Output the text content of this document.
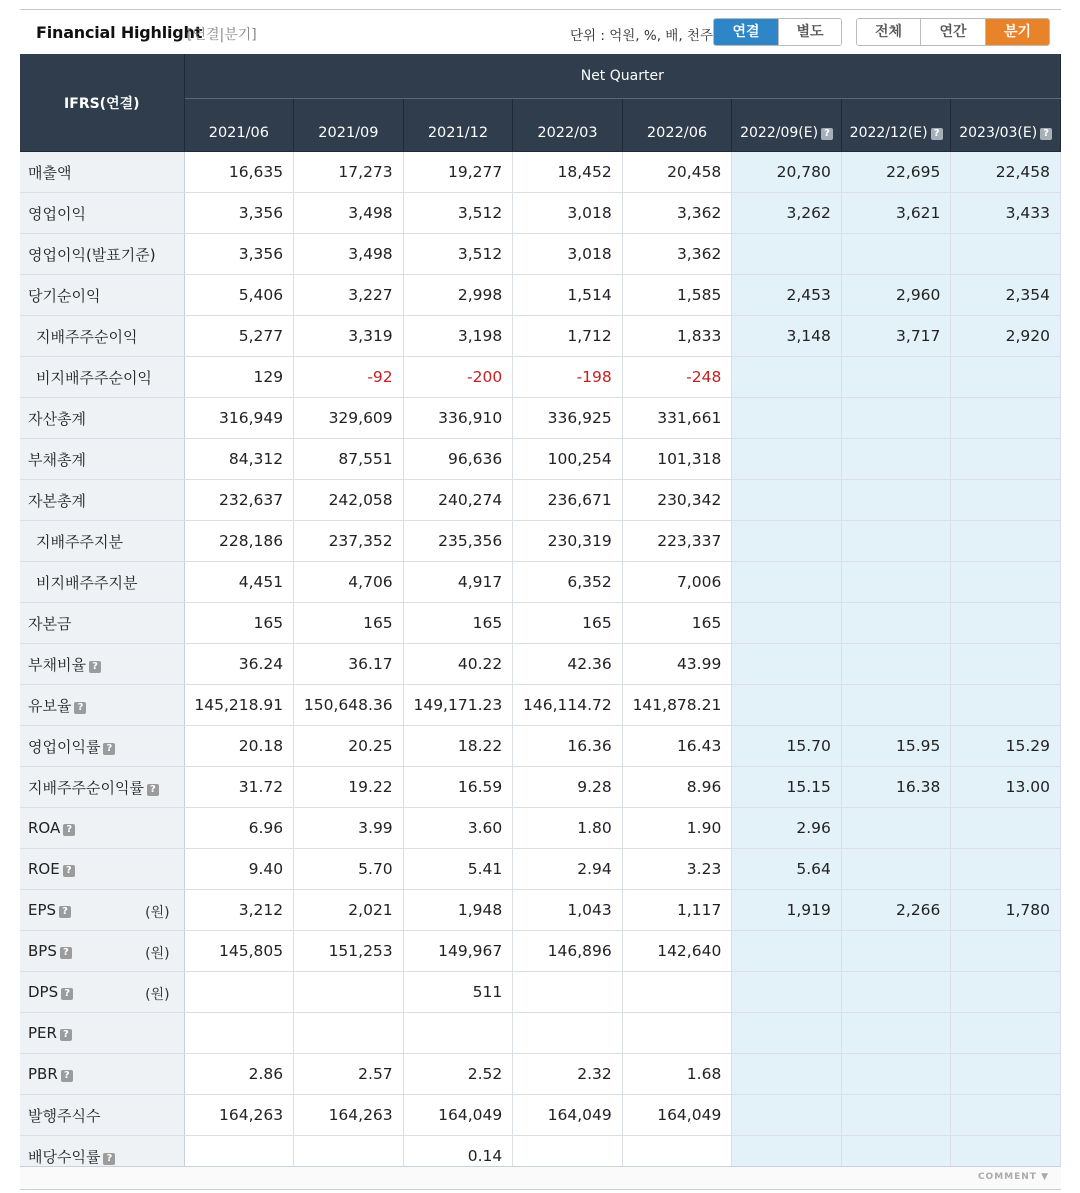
Financial Highlight
[연결|분기]	단위 : 억원, %, 배, 천주	연결	별도	전체	연간	분기
IFRS(연결)	Net Quarter							
	2021/06	2021/09	2021/12	2022/03	2022/06	2022/09(E) ?	2022/12(E) ?	2023/03(E) ?
매출액	16,635	17,273	19,277	18,452	20,458	20,780	22,695	22,458
영업이익	3,356	3,498	3,512	3,018	3,362	3,262	3,621	3,433
영업이익(발표기준)	3,356	3,498	3,512	3,018	3,362			
당기순이익	5,406	3,227	2,998	1,514	1,585	2,453	2,960	2,354
지배주주순이익	5,277	3,319	3,198	1,712	1,833	3,148	3,717	2,920
비지배주주순이익	129	-92	-200	-198	-248			
자산총계	316,949	329,609	336,910	336,925	331,661			
부채총계	84,312	87,551	96,636	100,254	101,318			
자본총계	232,637	242,058	240,274	236,671	230,342			
지배주주지분	228,186	237,352	235,356	230,319	223,337			
비지배주주지분	4,451	4,706	4,917	6,352	7,006			
자본금	165	165	165	165	165			
부채비율 ?	36.24	36.17	40.22	42.36	43.99			
유보율 ?	145,218.91	150,648.36	149,171.23	146,114.72	141,878.21			
영업이익률 ?	20.18	20.25	18.22	16.36	16.43	15.70	15.95	15.29
지배주주순이익률 ?	31.72	19.22	16.59	9.28	8.96	15.15	16.38	13.00
ROA ?	6.96	3.99	3.60	1.80	1.90	2.96		
ROE ?	9.40	5.70	5.41	2.94	3.23	5.64		
EPS ? (원)	3,212	2,021	1,948	1,043	1,117	1,919	2,266	1,780
BPS ? (원)	145,805	151,253	149,967	146,896	142,640			
DPS ? (원)			511					
PER ?								
PBR ?	2.86	2.57	2.52	2.32	1.68			
발행주식수	164,263	164,263	164,049	164,049	164,049			
배당수익률 ?			0.14					
COMMENT ▼
